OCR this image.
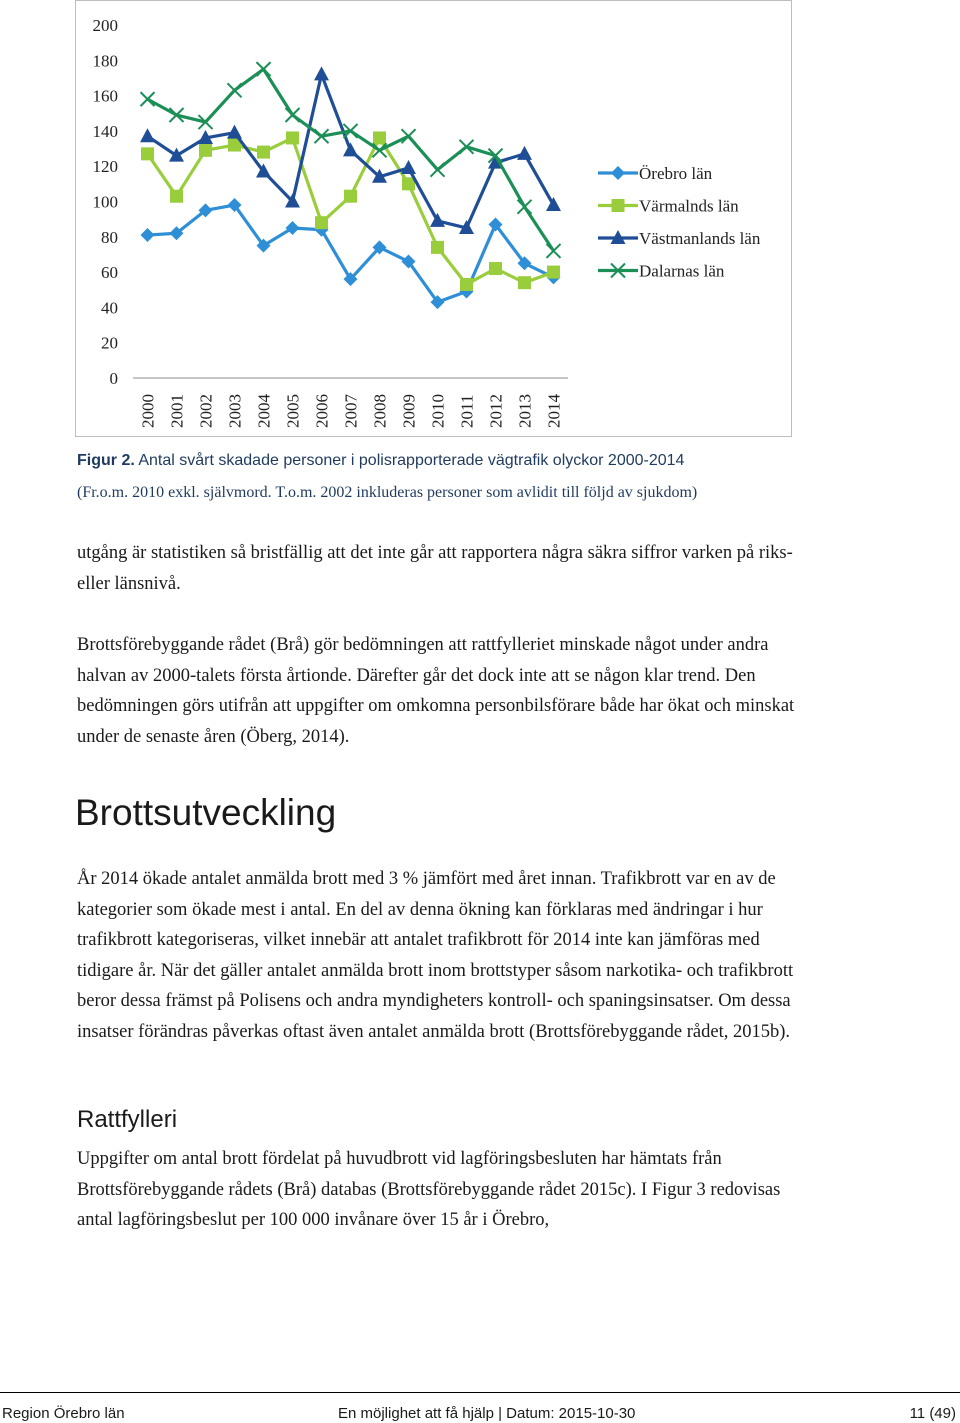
200
180
160
140
120
100
80
60
40
20
0
2000 2001 2002 2003 2004 2005 2006 2007 2008 2009 2010 2011 2012 2013 2014
Örebro län
Värmalnds län
Västmanlands län
Dalarnas län
Figur 2. Antal svårt skadade personer i polisrapporterade vägtrafik olyckor 2000-2014
(Fr.o.m. 2010 exkl. självmord. T.o.m. 2002 inkluderas personer som avlidit till följd av sjukdom)

utgång är statistiken så bristfällig att det inte går att rapportera några säkra siffror varken på riks- eller länsnivå.

Brottsförebyggande rådet (Brå) gör bedömningen att rattfylleriet minskade något under andra halvan av 2000-talets första årtionde. Därefter går det dock inte att se någon klar trend. Den bedömningen görs utifrån att uppgifter om omkomna personbilsförare både har ökat och minskat under de senaste åren (Öberg, 2014).

Brottsutveckling

År 2014 ökade antalet anmälda brott med 3 % jämfört med året innan. Trafikbrott var en av de kategorier som ökade mest i antal. En del av denna ökning kan förklaras med ändringar i hur trafikbrott kategoriseras, vilket innebär att antalet trafikbrott för 2014 inte kan jämföras med tidigare år. När det gäller antalet anmälda brott inom brottstyper såsom narkotika- och trafikbrott beror dessa främst på Polisens och andra myndigheters kontroll- och spaningsinsatser. Om dessa insatser förändras påverkas oftast även antalet anmälda brott (Brottsförebyggande rådet, 2015b).

Rattfylleri

Uppgifter om antal brott fördelat på huvudbrott vid lagföringsbesluten har hämtats från Brottsförebyggande rådets (Brå) databas (Brottsförebyggande rådet 2015c). I Figur 3 redovisas antal lagföringsbeslut per 100 000 invånare över 15 år i Örebro,

Region Örebro län	En möjlighet att få hjälp | Datum: 2015-10-30	11 (49)
